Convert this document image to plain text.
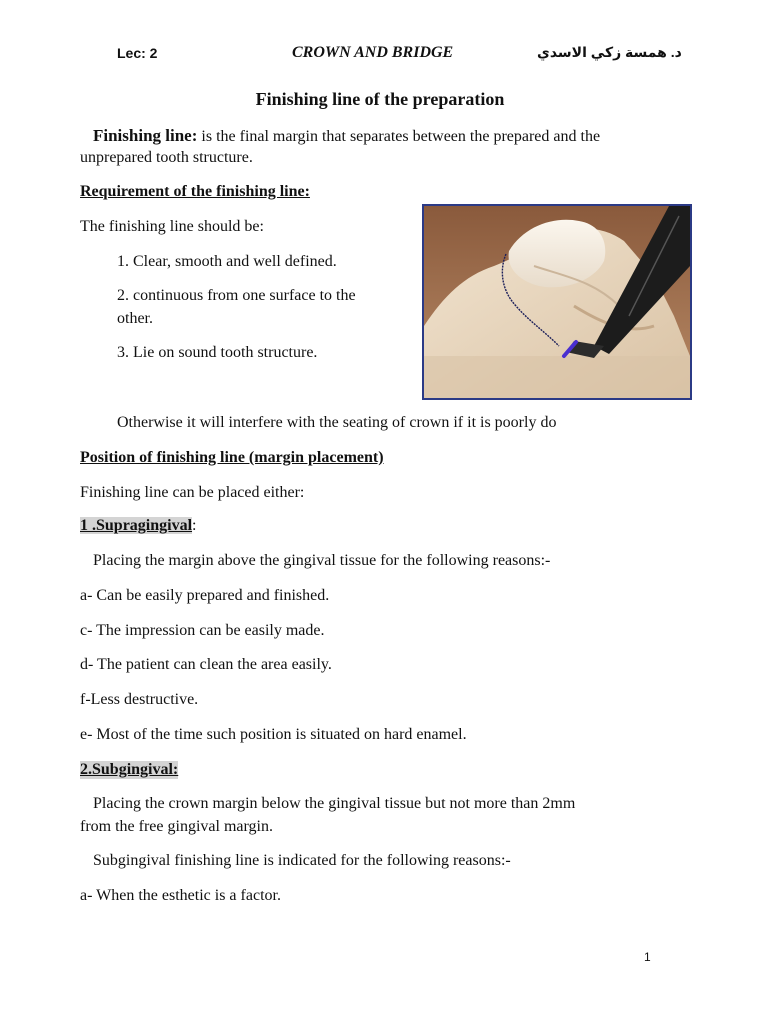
Lec: 2	CROWN AND BRIDGE	د. همسة زكي الاسدي
Finishing line of the preparation
Finishing line: is the final margin that separates between the prepared and the
unprepared tooth structure.
Requirement of the finishing line:
The finishing line should be:
1. Clear, smooth and well defined.
2. continuous from one surface to the
other.
3. Lie on sound tooth structure.
Otherwise it will interfere with the seating of crown if it is poorly do
Position of finishing line (margin placement)
Finishing line can be placed either:
1 .Supragingival:
Placing the margin above the gingival tissue for the following reasons:-
a- Can be easily prepared and finished.
c- The impression can be easily made.
d- The patient can clean the area easily.
f-Less destructive.
e- Most of the time such position is situated on hard enamel.
2.Subgingival:
Placing the crown margin below the gingival tissue but not more than 2mm
from the free gingival margin.
Subgingival finishing line is indicated for the following reasons:-
a- When the esthetic is a factor.
1
